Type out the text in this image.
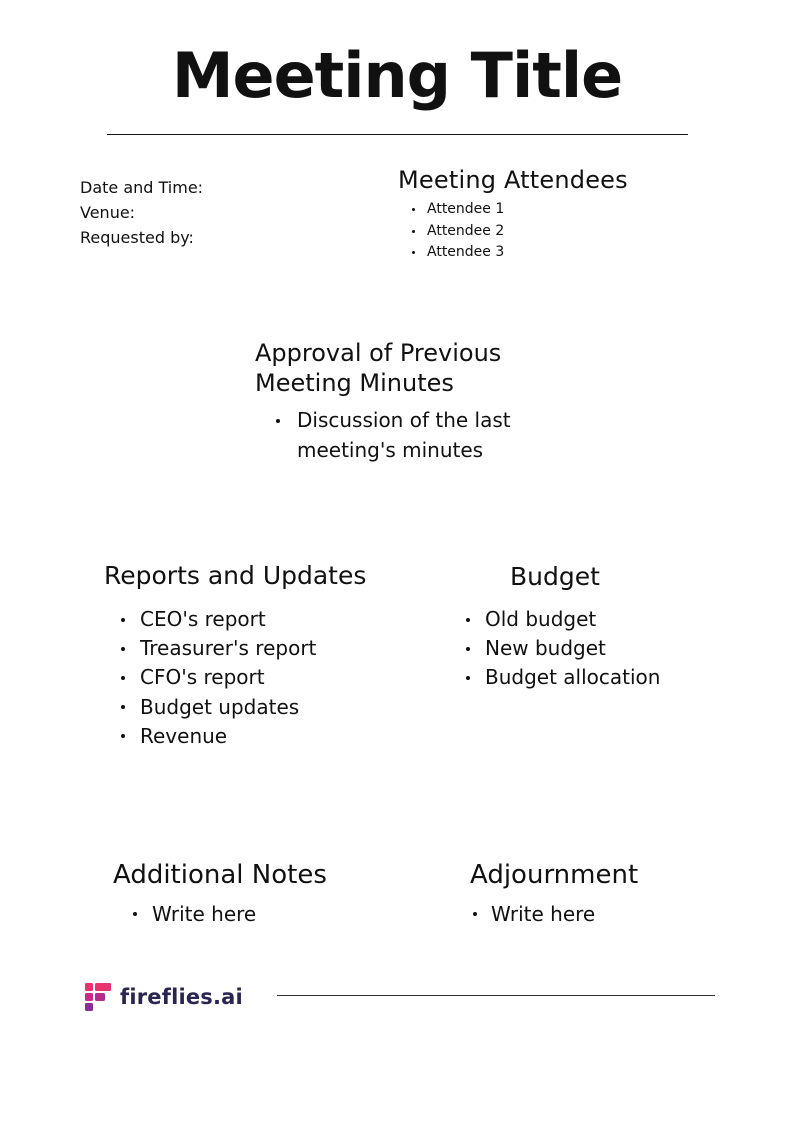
Meeting Title
Date and Time:
Venue:
Requested by:
Meeting Attendees
Attendee 1
Attendee 2
Attendee 3
Approval of Previous
Meeting Minutes
Discussion of the last meeting's minutes
Reports and Updates
CEO's report
Treasurer's report
CFO's report
Budget updates
Revenue
Budget
Old budget
New budget
Budget allocation
Additional Notes
Write here
Adjournment
Write here
fireflies.ai
